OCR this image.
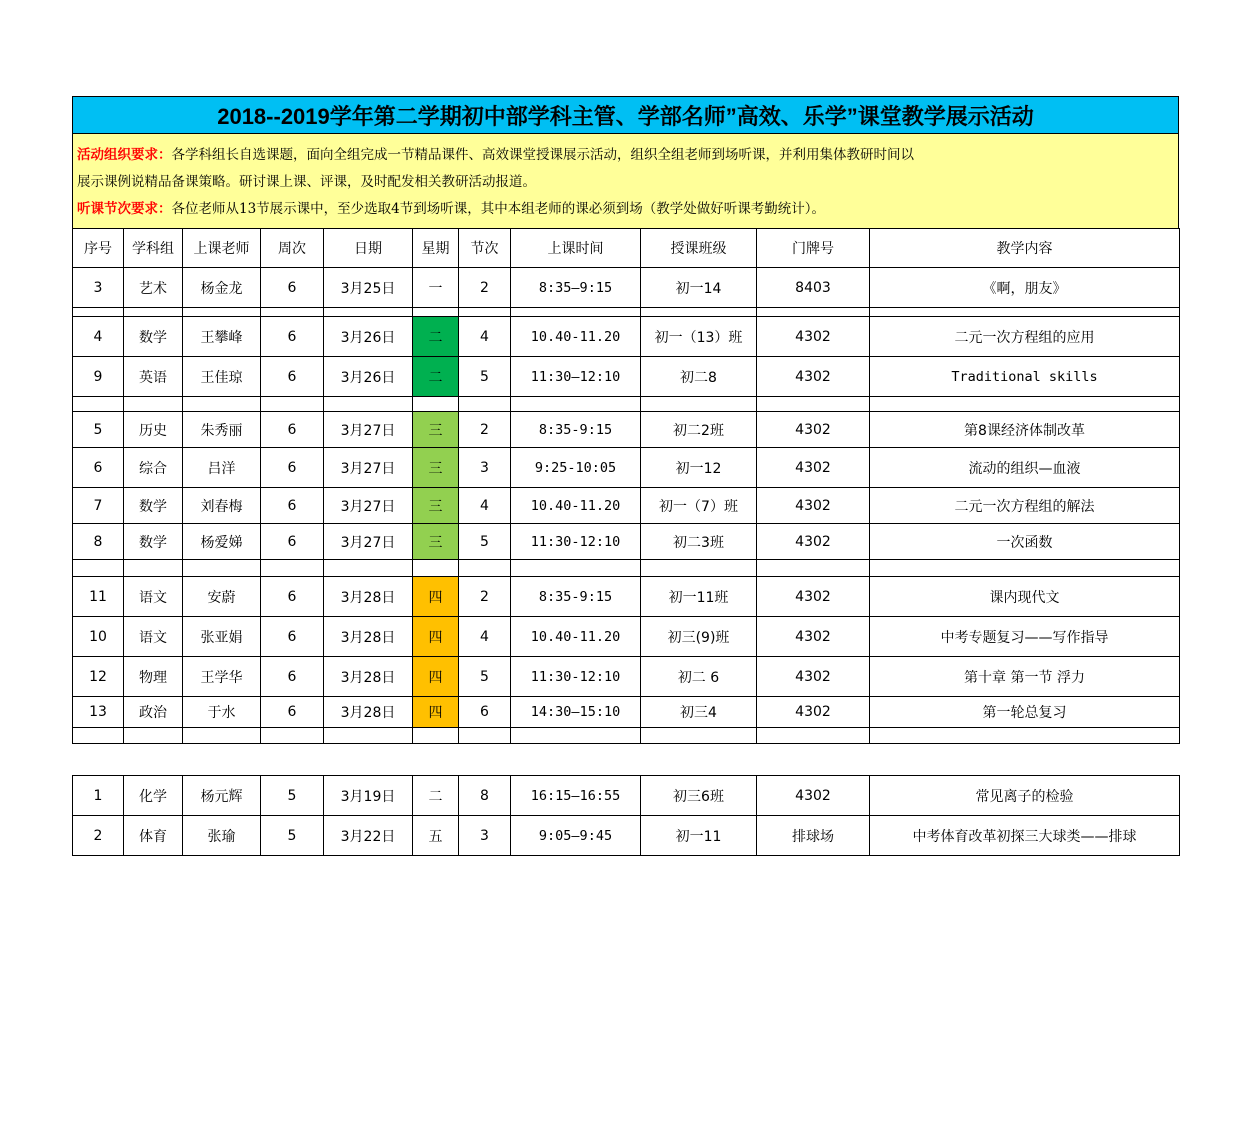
2018--2019学年第二学期初中部学科主管、学部名师”高效、乐学”课堂教学展示活动
活动组织要求：各学科组长自选课题，面向全组完成一节精品课件、高效课堂授课展示活动，组织全组老师到场听课，并利用集体教研时间以
展示课例说精品备课策略。研讨课上课、评课，及时配发相关教研活动报道。
听课节次要求：各位老师从13节展示课中，至少选取4节到场听课，其中本组老师的课必须到场（教学处做好听课考勤统计）。
序号	学科组	上课老师	周次	日期	星期	节次	上课时间	授课班级	门牌号	教学内容
3	艺术	杨金龙	6	3月25日	一	2	8:35—9:15	初一14	8403	《啊，朋友》

4	数学	王攀峰	6	3月26日	二	4	10.40-11.20	初一（13）班	4302	二元一次方程组的应用
9	英语	王佳琼	6	3月26日	二	5	11:30—12:10	初二8	4302	Traditional skills

5	历史	朱秀丽	6	3月27日	三	2	8:35-9:15	初二2班	4302	第8课经济体制改革
6	综合	吕洋	6	3月27日	三	3	9:25-10:05	初一12	4302	流动的组织—血液
7	数学	刘春梅	6	3月27日	三	4	10.40-11.20	初一（7）班	4302	二元一次方程组的解法
8	数学	杨爱娣	6	3月27日	三	5	11:30-12:10	初二3班	4302	一次函数

11	语文	安蔚	6	3月28日	四	2	8:35-9:15	初一11班	4302	课内现代文
10	语文	张亚娟	6	3月28日	四	4	10.40-11.20	初三(9)班	4302	中考专题复习——写作指导
12	物理	王学华	6	3月28日	四	5	11:30-12:10	初二 6	4302	第十章 第一节 浮力
13	政治	于水	6	3月28日	四	6	14:30—15:10	初三4	4302	第一轮总复习

1	化学	杨元辉	5	3月19日	二	8	16:15—16:55	初三6班	4302	常见离子的检验
2	体育	张瑜	5	3月22日	五	3	9:05—9:45	初一11	排球场	中考体育改革初探三大球类——排球
